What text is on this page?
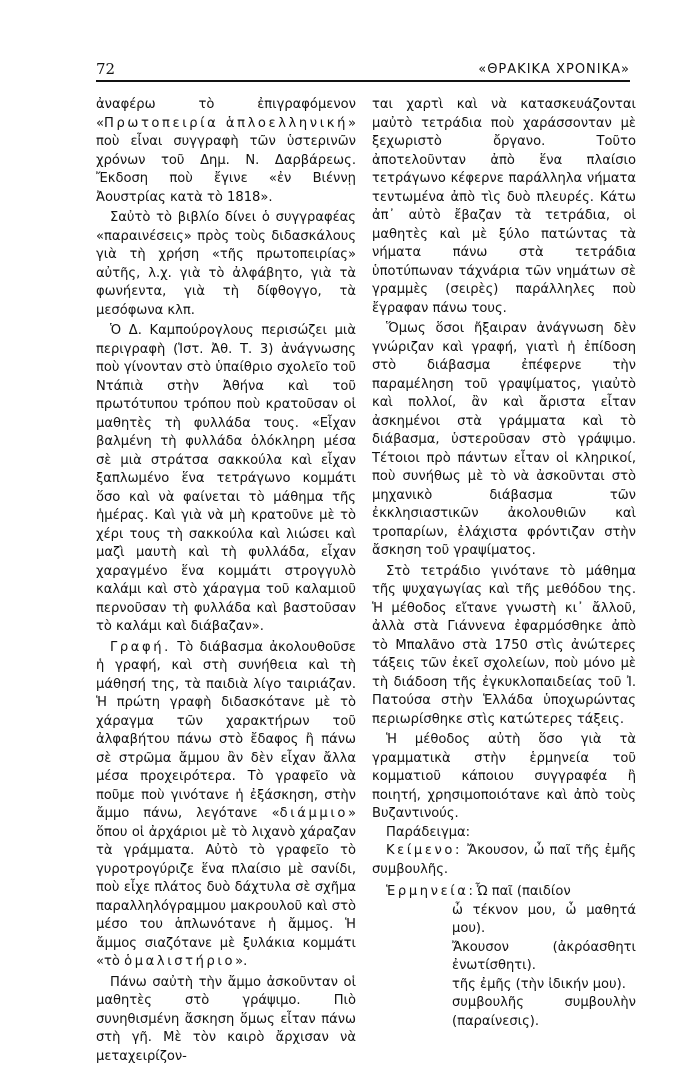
72	«ΘΡΑΚΙΚΑ ΧΡΟΝΙΚΑ»

ἀναφέρω τὸ ἐπιγραφόμενον «Πρωτοπειρία ἁπλοελληνική» ποὺ εἶναι συγγραφὴ τῶν ὑστερινῶν χρόνων τοῦ Δημ. Ν. Δαρβάρεως. Ἔκδοση ποὺ ἔγινε «ἐν Βιέννῃ Ἀουστρίας κατὰ τὸ 1818».

Σαὐτὸ τὸ βιβλίο δίνει ὁ συγγραφέας «παραινέσεις» πρὸς τοὺς διδασκάλους γιὰ τὴ χρήση «τῆς πρωτοπειρίας» αὐτῆς, λ.χ. γιὰ τὸ ἀλφάβητο, γιὰ τὰ φωνήεντα, γιὰ τὴ δίφθογγο, τὰ μεσόφωνα κλπ.

Ὁ Δ. Καμπούρογλους περισώζει μιὰ περιγραφὴ (Ἱστ. Ἀθ. Τ. 3) ἀνάγνωσης ποὺ γίνονταν στὸ ὑπαίθριο σχολεῖο τοῦ Ντάπιὰ στὴν Ἀθήνα καὶ τοῦ πρωτότυπου τρόπου ποὺ κρατοῦσαν οἱ μαθητὲς τὴ φυλλάδα τους. «Εἶχαν βαλμένη τὴ φυλλάδα ὁλόκληρη μέσα σὲ μιὰ στράτσα σακκούλα καὶ εἶχαν ξαπλωμένο ἕνα τετράγωνο κομμάτι ὅσο καὶ νὰ φαίνεται τὸ μάθημα τῆς ἡμέρας. Καὶ γιὰ νὰ μὴ κρατοῦνε μὲ τὸ χέρι τους τὴ σακκούλα καὶ λιώσει καὶ μαζὶ μαυτὴ καὶ τὴ φυλλάδα, εἶχαν χαραγμένο ἕνα κομμάτι στρογγυλὸ καλάμι καὶ στὸ χάραγμα τοῦ καλαμιοῦ περνοῦσαν τὴ φυλλάδα καὶ βαστοῦσαν τὸ καλάμι καὶ διάβαζαν».

Γραφή. Τὸ διάβασμα ἀκολουθοῦσε ἡ γραφή, καὶ στὴ συνήθεια καὶ τὴ μάθησή της, τὰ παιδιὰ λίγο ταιριάζαν. Ἡ πρώτη γραφὴ διδασκότανε μὲ τὸ χάραγμα τῶν χαρακτήρων τοῦ ἀλφαβήτου πάνω στὸ ἔδαφος ἢ πάνω σὲ στρῶμα ἄμμου ἂν δὲν εἶχαν ἄλλα μέσα προχειρότερα. Τὸ γραφεῖο νὰ ποῦμε ποὺ γινότανε ἡ ἐξάσκηση, στὴν ἄμμο πάνω, λεγότανε «διάμμιο» ὅπου οἱ ἀρχάριοι μὲ τὸ λιχανὸ χάραζαν τὰ γράμματα. Αὐτὸ τὸ γραφεῖο τὸ γυροτρογύριζε ἕνα πλαίσιο μὲ σανίδι, ποὺ εἶχε πλάτος δυὸ δάχτυλα σὲ σχῆμα παραλληλόγραμμου μακρουλοῦ καὶ στὸ μέσο του ἁπλωνότανε ἡ ἄμμος. Ἡ ἄμμος σιαζότανε μὲ ξυλάκια κομμάτι «τὸ ὁμαλιστήριο».

Πάνω σαὐτὴ τὴν ἄμμο ἀσκοῦνταν οἱ μαθητὲς στὸ γράψιμο. Πιὸ συνηθισμένη ἄσκηση ὅμως εἶταν πάνω στὴ γῆ. Μὲ τὸν καιρὸ ἄρχισαν νὰ μεταχειρίζον-

ται χαρτὶ καὶ νὰ κατασκευάζονται μαὐτὸ τετράδια ποὺ χαράσσονταν μὲ ξεχωριστὸ ὄργανο. Τοῦτο ἀποτελοῦνταν ἀπὸ ἕνα πλαίσιο τετράγωνο κέφερνε παράλληλα νήματα τεντωμένα ἀπὸ τὶς δυὸ πλευρές. Κάτω ἀπ᾽ αὐτὸ ἔβαζαν τὰ τετράδια, οἱ μαθητὲς καὶ μὲ ξύλο πατώντας τὰ νήματα πάνω στὰ τετράδια ὑποτύπωναν τάχνάρια τῶν νημάτων σὲ γραμμὲς (σειρὲς) παράλληλες ποὺ ἔγραφαν πάνω τους.

Ὅμως ὅσοι ἤξαιραν ἀνάγνωση δὲν γνώριζαν καὶ γραφή, γιατὶ ἡ ἐπίδοση στὸ διάβασμα ἐπέφερνε τὴν παραμέληση τοῦ γραψίματος, γιαὐτὸ καὶ πολλοί, ἂν καὶ ἄριστα εἶταν ἀσκημένοι στὰ γράμματα καὶ τὸ διάβασμα, ὑστεροῦσαν στὸ γράψιμο. Τέτοιοι πρὸ πάντων εἶταν οἱ κληρικοί, ποὺ συνήθως μὲ τὸ νὰ ἀσκοῦνται στὸ μηχανικὸ διάβασμα τῶν ἐκκλησιαστικῶν ἀκολουθιῶν καὶ τροπαρίων, ἐλάχιστα φρόντιζαν στὴν ἄσκηση τοῦ γραψίματος.

Στὸ τετράδιο γινότανε τὸ μάθημα τῆς ψυχαγωγίας καὶ τῆς μεθόδου της. Ἡ μέθοδος εἴτανε γνωστὴ κι᾽ ἄλλοῦ, ἀλλὰ στὰ Γιάννενα ἐφαρμόσθηκε ἀπὸ τὸ Μπαλᾶνο στὰ 1750 στὶς ἀνώτερες τάξεις τῶν ἐκεῖ σχολείων, ποὺ μόνο μὲ τὴ διάδοση τῆς ἐγκυκλοπαιδείας τοῦ Ἰ. Πατούσα στὴν Ἑλλάδα ὑποχωρώντας περιωρίσθηκε στὶς κατώτερες τάξεις.

Ἡ μέθοδος αὐτὴ ὅσο γιὰ τὰ γραμματικὰ στὴν ἑρμηνεία τοῦ κομματιοῦ κάποιου συγγραφέα ἢ ποιητή, χρησιμοποιότανε καὶ ἀπὸ τοὺς Βυζαντινούς.

Παράδειγμα:

Κείμενο: Ἄκουσον, ὦ παῖ τῆς ἐμῆς συμβουλῆς.

Ἑρμηνεία: Ὦ παῖ (παιδίον

ὦ τέκνον μου, ὦ μαθητά μου).

Ἄκουσον (ἀκρόασθητι ἐνωτίσθητι).

τῆς ἐμῆς (τὴν ἰδικήν μου).

συμβουλῆς συμβουλὴν (παραίνεσις).
